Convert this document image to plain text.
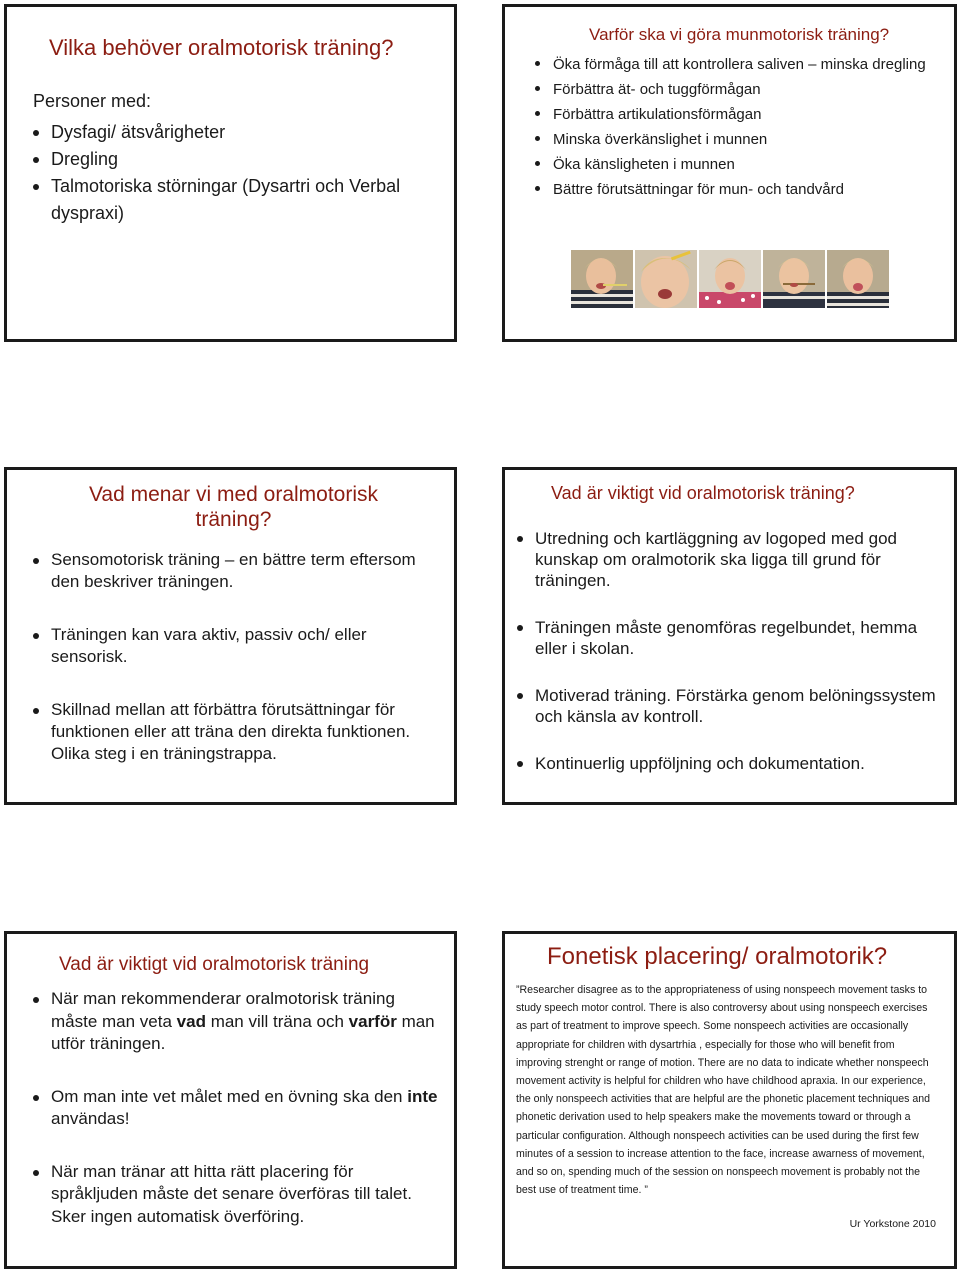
Vilka behöver oralmotorisk träning?
Personer med:
Dysfagi/ ätsvårigheter
Dregling
Talmotoriska störningar (Dysartri och Verbal dyspraxi)
Varför ska vi göra munmotorisk träning?
Öka förmåga till att kontrollera saliven – minska dregling
Förbättra ät- och tuggförmågan
Förbättra artikulationsförmågan
Minska överkänslighet i munnen
Öka känsligheten i munnen
Bättre förutsättningar för mun- och tandvård
Vad menar vi med oralmotorisk träning?
Sensomotorisk träning – en bättre term eftersom den beskriver träningen.
Träningen kan vara aktiv, passiv och/ eller sensorisk.
Skillnad mellan att förbättra förutsättningar för funktionen eller att träna den direkta funktionen. Olika steg i en träningstrappa.
Vad är viktigt vid oralmotorisk träning?
Utredning och kartläggning av logoped med god kunskap om oralmotorik ska ligga till grund för träningen.
Träningen måste genomföras regelbundet, hemma eller i skolan.
Motiverad träning. Förstärka genom belöningssystem och känsla av kontroll.
Kontinuerlig uppföljning och dokumentation.
Vad är viktigt vid oralmotorisk träning
När man rekommenderar oralmotorisk träning måste man veta vad man vill träna och varför man utför träningen.
Om man inte vet målet med en övning ska den inte användas!
När man tränar att hitta rätt placering för språkljuden måste det senare överföras till talet. Sker ingen automatisk överföring.
Fonetisk placering/ oralmotorik?
”Researcher disagree as to the appropriateness of using nonspeech movement tasks to study speech motor control. There is also controversy about using nonspeech exercises as part of treatment to improve speech. Some nonspeech activities are occasionally appropriate for children with dysartrhia , especially for those who will benefit from improving strenght or range of motion. There are no data to indicate whether nonspeech movement activity is helpful for children who have childhood apraxia. In our experience, the only nonspeech activities that are helpful are the phonetic placement techniques and phonetic derivation used to help speakers make the movements toward or through a particular configuration. Although nonspeech activities can be used during the first few minutes of a session to increase attention to the face, increase awarness of movement, and so on, spending much of the session on nonspeech movement is probably not the best use of treatment time. ”
Ur Yorkstone 2010
